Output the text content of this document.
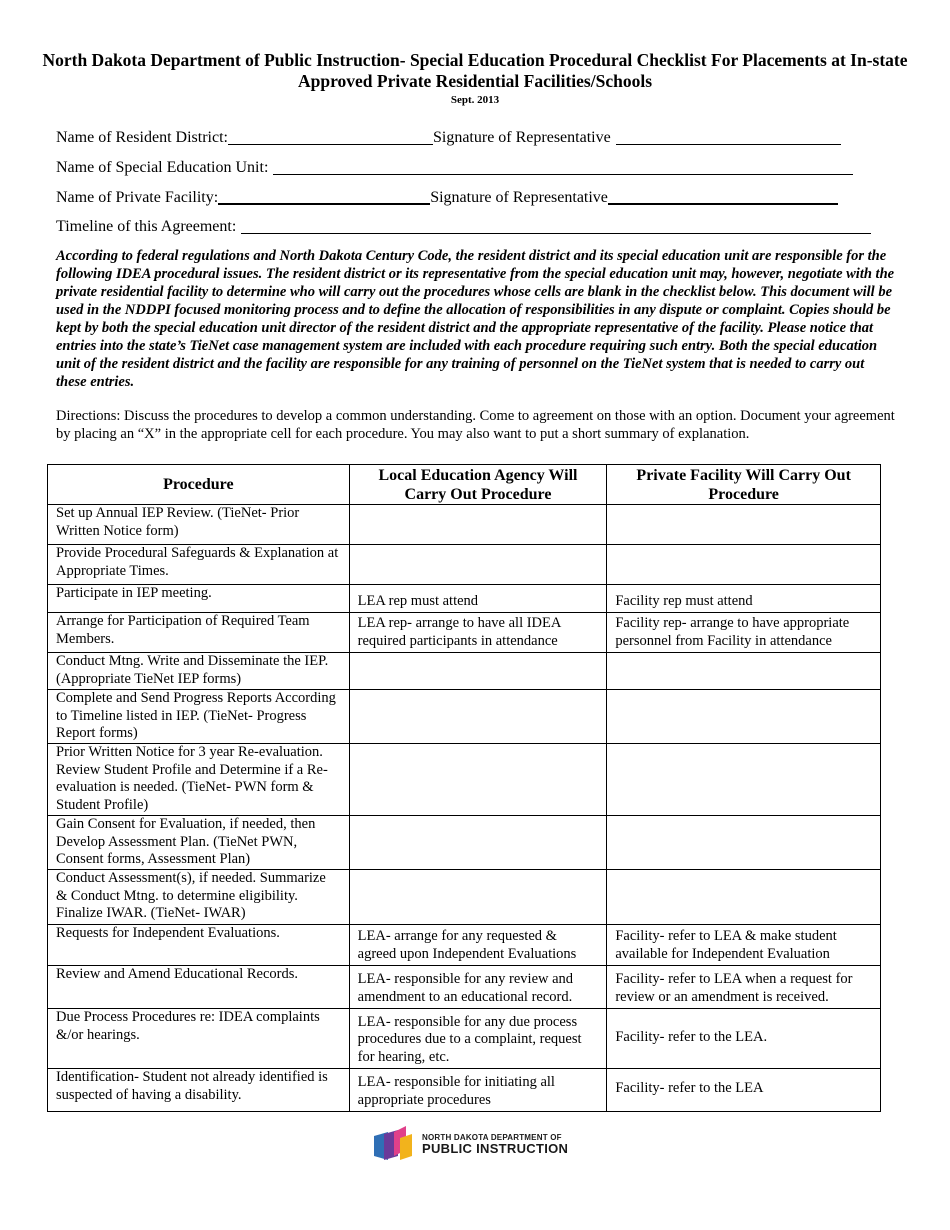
North Dakota Department of Public Instruction- Special Education Procedural Checklist For Placements at In-state Approved Private Residential Facilities/Schools
Sept. 2013
Name of Resident District:	Signature of Representative
Name of Special Education Unit:
Name of Private Facility:	Signature of Representative
Timeline of this Agreement:
According to federal regulations and North Dakota Century Code, the resident district and its special education unit are responsible for the following IDEA procedural issues. The resident district or its representative from the special education unit may, however, negotiate with the private residential facility to determine who will carry out the procedures whose cells are blank in the checklist below. This document will be used in the NDDPI focused monitoring process and to define the allocation of responsibilities in any dispute or complaint. Copies should be kept by both the special education unit director of the resident district and the appropriate representative of the facility. Please notice that entries into the state’s TieNet case management system are included with each procedure requiring such entry. Both the special education unit of the resident district and the facility are responsible for any training of personnel on the TieNet system that is needed to carry out these entries.
Directions: Discuss the procedures to develop a common understanding. Come to agreement on those with an option. Document your agreement by placing an “X” in the appropriate cell for each procedure. You may also want to put a short summary of explanation.
Procedure	Local Education Agency Will Carry Out Procedure	Private Facility Will Carry Out Procedure
Set up Annual IEP Review. (TieNet- Prior Written Notice form)		
Provide Procedural Safeguards & Explanation at Appropriate Times.		
Participate in IEP meeting.	LEA rep must attend	Facility rep must attend
Arrange for Participation of Required Team Members.	LEA rep- arrange to have all IDEA required participants in attendance	Facility rep- arrange to have appropriate personnel from Facility in attendance
Conduct Mtng. Write and Disseminate the IEP. (Appropriate TieNet IEP forms)		
Complete and Send Progress Reports According to Timeline listed in IEP. (TieNet- Progress Report forms)		
Prior Written Notice for 3 year Re-evaluation. Review Student Profile and Determine if a Re-evaluation is needed. (TieNet- PWN form & Student Profile)		
Gain Consent for Evaluation, if needed, then Develop Assessment Plan. (TieNet PWN, Consent forms, Assessment Plan)		
Conduct Assessment(s), if needed. Summarize & Conduct Mtng. to determine eligibility. Finalize IWAR. (TieNet- IWAR)		
Requests for Independent Evaluations.	LEA- arrange for any requested & agreed upon Independent Evaluations	Facility- refer to LEA & make student available for Independent Evaluation
Review and Amend Educational Records.	LEA- responsible for any review and amendment to an educational record.	Facility- refer to LEA when a request for review or an amendment is received.
Due Process Procedures re: IDEA complaints &/or hearings.	LEA- responsible for any due process procedures due to a complaint, request for hearing, etc.	Facility- refer to the LEA.
Identification- Student not already identified is suspected of having a disability.	LEA- responsible for initiating all appropriate procedures	Facility- refer to the LEA
NORTH DAKOTA DEPARTMENT OF
PUBLIC INSTRUCTION
